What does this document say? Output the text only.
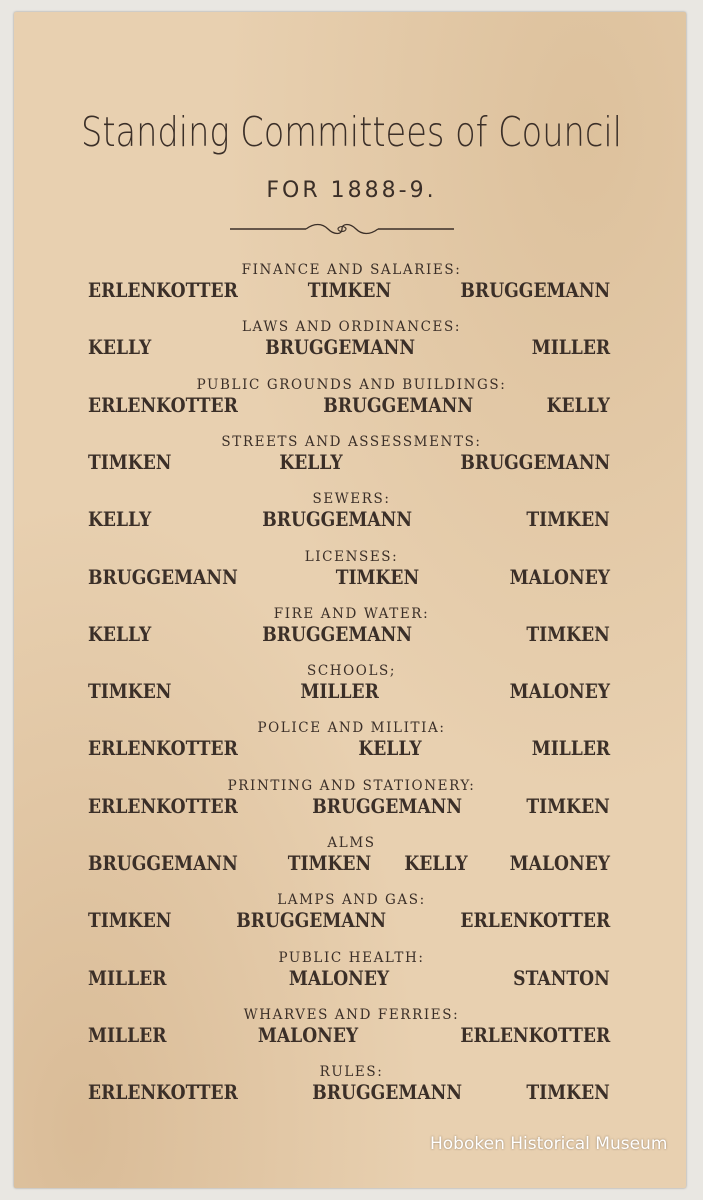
Standing Committees of Council
FOR 1888-9.
FINANCE AND SALARIES:
ERLENKOTTER	TIMKEN	BRUGGEMANN
LAWS AND ORDINANCES:
KELLY	BRUGGEMANN	MILLER
PUBLIC GROUNDS AND BUILDINGS:
ERLENKOTTER	BRUGGEMANN	KELLY
STREETS AND ASSESSMENTS:
TIMKEN	KELLY	BRUGGEMANN
SEWERS:
KELLY	BRUGGEMANN	TIMKEN
LICENSES:
BRUGGEMANN	TIMKEN	MALONEY
FIRE AND WATER:
KELLY	BRUGGEMANN	TIMKEN
SCHOOLS;
TIMKEN	MILLER	MALONEY
POLICE AND MILITIA:
ERLENKOTTER	KELLY	MILLER
PRINTING AND STATIONERY:
ERLENKOTTER	BRUGGEMANN	TIMKEN
ALMS
BRUGGEMANN	TIMKEN KELLY MALONEY
LAMPS AND GAS:
TIMKEN	BRUGGEMANN	ERLENKOTTER
PUBLIC HEALTH:
MILLER	MALONEY	STANTON
WHARVES AND FERRIES:
MILLER	MALONEY	ERLENKOTTER
RULES:
ERLENKOTTER	BRUGGEMANN	TIMKEN
Hoboken Historical Museum
